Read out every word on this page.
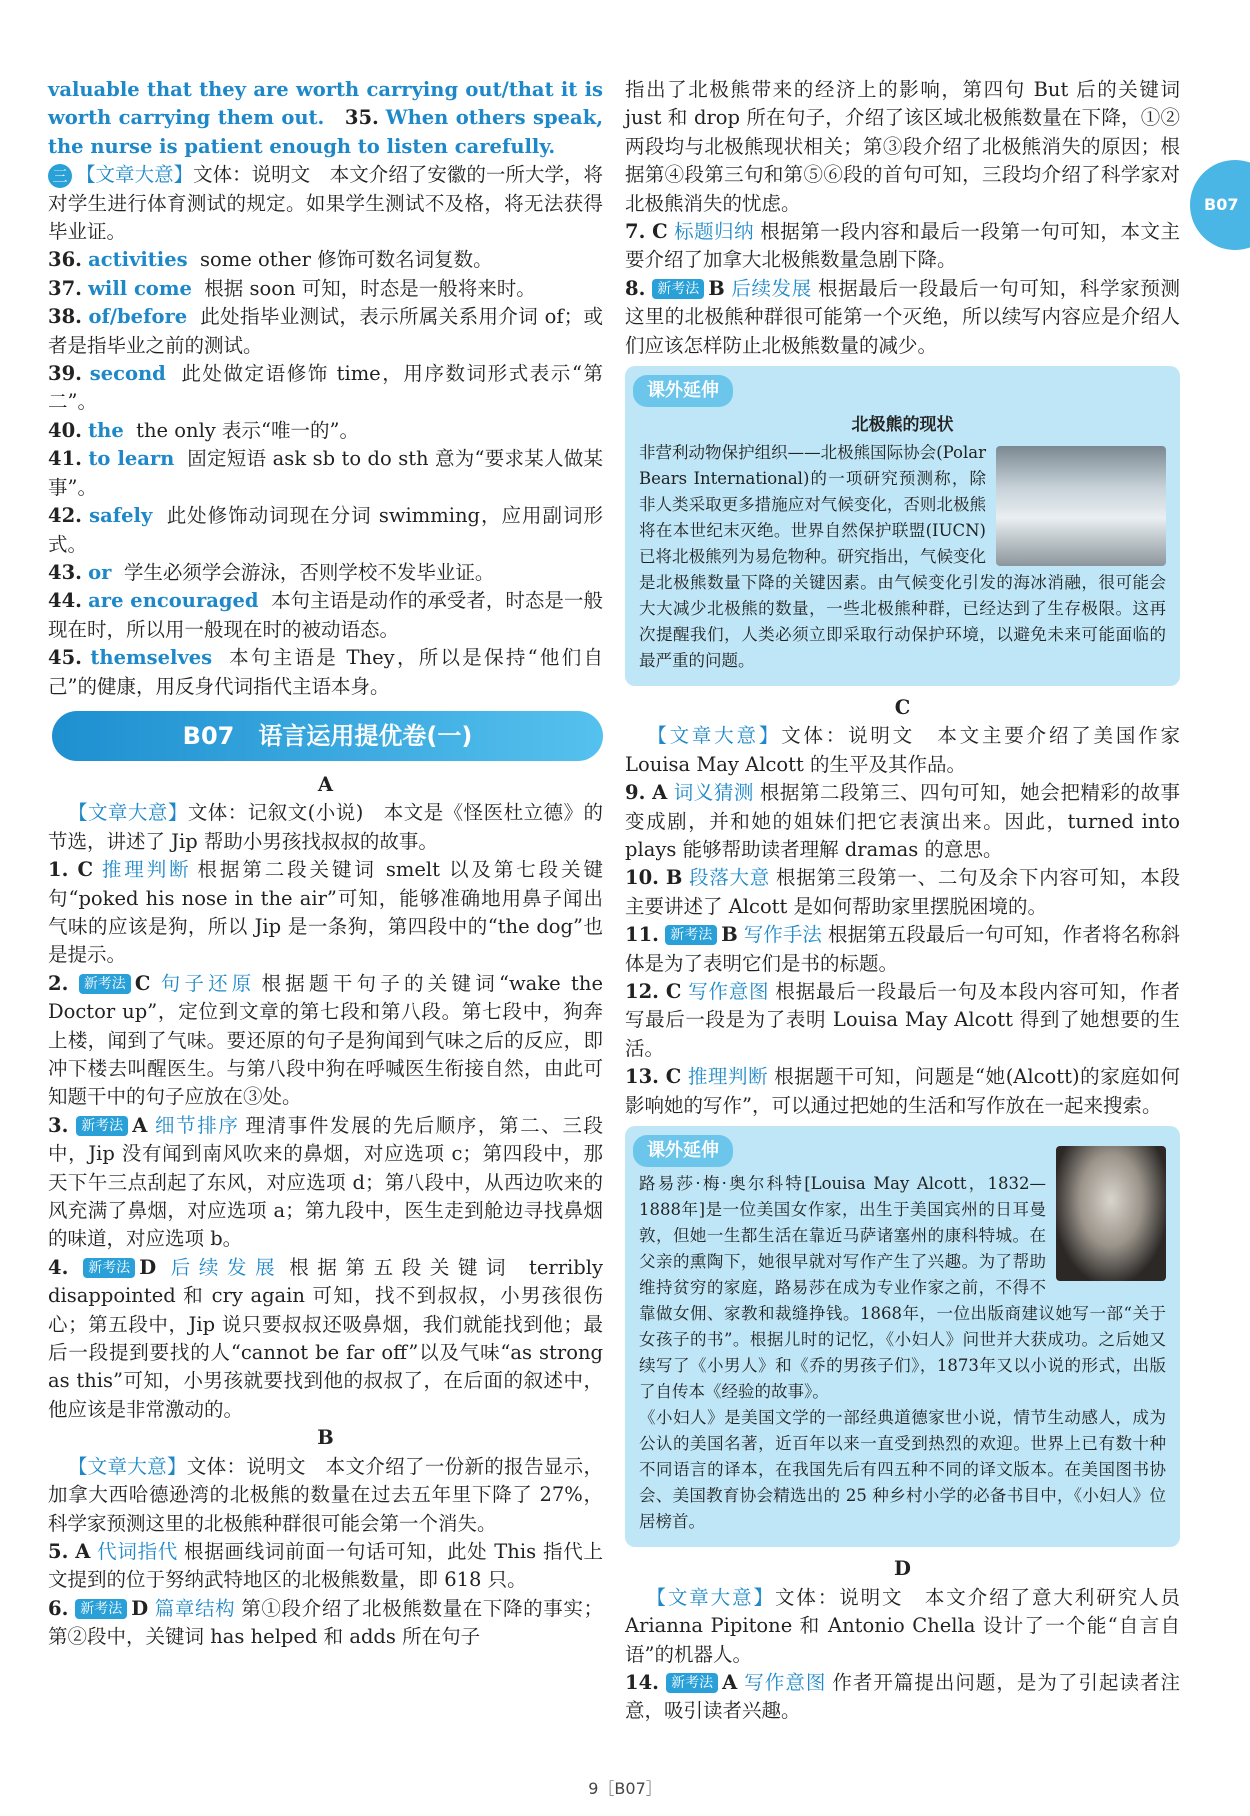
B07

valuable that they are worth carrying out/that it is worth carrying them out. 35. When others speak, the nurse is patient enough to listen carefully.

三 【文章大意】文体：说明文　本文介绍了安徽的一所大学，将对学生进行体育测试的规定。如果学生测试不及格，将无法获得毕业证。

36. activities some other 修饰可数名词复数。

37. will come 根据 soon 可知，时态是一般将来时。

38. of/before 此处指毕业测试，表示所属关系用介词 of；或者是指毕业之前的测试。

39. second 此处做定语修饰 time，用序数词形式表示“第二”。

40. the the only 表示“唯一的”。

41. to learn 固定短语 ask sb to do sth 意为“要求某人做某事”。

42. safely 此处修饰动词现在分词 swimming，应用副词形式。

43. or 学生必须学会游泳，否则学校不发毕业证。

44. are encouraged 本句主语是动作的承受者，时态是一般现在时，所以用一般现在时的被动语态。

45. themselves 本句主语是 They，所以是保持“他们自己”的健康，用反身代词指代主语本身。

B07　语言运用提优卷(一)

A

 【文章大意】文体：记叙文(小说)　本文是《怪医杜立德》的节选，讲述了 Jip 帮助小男孩找叔叔的故事。

1. C 推理判断 根据第二段关键词 smelt 以及第七段关键句“poked his nose in the air”可知，能够准确地用鼻子闻出气味的应该是狗，所以 Jip 是一条狗，第四段中的“the dog”也是提示。

2. 新考法 C 句子还原 根据题干句子的关键词“wake the Doctor up”，定位到文章的第七段和第八段。第七段中，狗奔上楼，闻到了气味。要还原的句子是狗闻到气味之后的反应，即冲下楼去叫醒医生。与第八段中狗在呼喊医生衔接自然，由此可知题干中的句子应放在③处。

3. 新考法 A 细节排序 理清事件发展的先后顺序，第二、三段中，Jip 没有闻到南风吹来的鼻烟，对应选项 c；第四段中，那天下午三点刮起了东风，对应选项 d；第八段中，从西边吹来的风充满了鼻烟，对应选项 a；第九段中，医生走到舱边寻找鼻烟的味道，对应选项 b。

4. 新考法 D 后续发展 根据第五段关键词 terribly disappointed 和 cry again 可知，找不到叔叔，小男孩很伤心；第五段中，Jip 说只要叔叔还吸鼻烟，我们就能找到他；最后一段提到要找的人“cannot be far off”以及气味“as strong as this”可知，小男孩就要找到他的叔叔了，在后面的叙述中，他应该是非常激动的。

B

 【文章大意】文体：说明文　本文介绍了一份新的报告显示，加拿大西哈德逊湾的北极熊的数量在过去五年里下降了 27%，科学家预测这里的北极熊种群很可能会第一个消失。

5. A 代词指代 根据画线词前面一句话可知，此处 This 指代上文提到的位于努纳武特地区的北极熊数量，即 618 只。

6. 新考法 D 篇章结构 第①段介绍了北极熊数量在下降的事实；第②段中，关键词 has helped 和 adds 所在句子

指出了北极熊带来的经济上的影响，第四句 But 后的关键词 just 和 drop 所在句子，介绍了该区域北极熊数量在下降，①②两段均与北极熊现状相关；第③段介绍了北极熊消失的原因；根据第④段第三句和第⑤⑥段的首句可知，三段均介绍了科学家对北极熊消失的忧虑。

7. C 标题归纳 根据第一段内容和最后一段第一句可知，本文主要介绍了加拿大北极熊数量急剧下降。

8. 新考法 B 后续发展 根据最后一段最后一句可知，科学家预测这里的北极熊种群很可能第一个灭绝，所以续写内容应是介绍人们应该怎样防止北极熊数量的减少。

课外延伸
北极熊的现状
非营利动物保护组织——北极熊国际协会(Polar Bears International)的一项研究预测称，除非人类采取更多措施应对气候变化，否则北极熊将在本世纪末灭绝。世界自然保护联盟(IUCN)已将北极熊列为易危物种。研究指出，气候变化是北极熊数量下降的关键因素。由气候变化引发的海冰消融，很可能会大大减少北极熊的数量，一些北极熊种群，已经达到了生存极限。这再次提醒我们，人类必须立即采取行动保护环境，以避免未来可能面临的最严重的问题。

C

 【文章大意】文体：说明文　本文主要介绍了美国作家 Louisa May Alcott 的生平及其作品。

9. A 词义猜测 根据第二段第三、四句可知，她会把精彩的故事变成剧，并和她的姐妹们把它表演出来。因此，turned into plays 能够帮助读者理解 dramas 的意思。

10. B 段落大意 根据第三段第一、二句及余下内容可知，本段主要讲述了 Alcott 是如何帮助家里摆脱困境的。

11. 新考法 B 写作手法 根据第五段最后一句可知，作者将名称斜体是为了表明它们是书的标题。

12. C 写作意图 根据最后一段最后一句及本段内容可知，作者写最后一段是为了表明 Louisa May Alcott 得到了她想要的生活。

13. C 推理判断 根据题干可知，问题是“她(Alcott)的家庭如何影响她的写作”，可以通过把她的生活和写作放在一起来搜索。

课外延伸
路易莎·梅·奥尔科特[Louisa May Alcott，1832—1888年]是一位美国女作家，出生于美国宾州的日耳曼敦，但她一生都生活在靠近马萨诸塞州的康科特城。在父亲的熏陶下，她很早就对写作产生了兴趣。为了帮助维持贫穷的家庭，路易莎在成为专业作家之前，不得不靠做女佣、家教和裁缝挣钱。1868年，一位出版商建议她写一部“关于女孩子的书”。根据儿时的记忆，《小妇人》问世并大获成功。之后她又续写了《小男人》和《乔的男孩子们》，1873年又以小说的形式，出版了自传本《经验的故事》。
《小妇人》是美国文学的一部经典道德家世小说，情节生动感人，成为公认的美国名著，近百年以来一直受到热烈的欢迎。世界上已有数十种不同语言的译本，在我国先后有四五种不同的译文版本。在美国图书协会、美国教育协会精选出的 25 种乡村小学的必备书目中，《小妇人》位居榜首。

D

 【文章大意】文体：说明文　本文介绍了意大利研究人员 Arianna Pipitone 和 Antonio Chella 设计了一个能“自言自语”的机器人。

14. 新考法 A 写作意图 作者开篇提出问题，是为了引起读者注意，吸引读者兴趣。

9［B07］
